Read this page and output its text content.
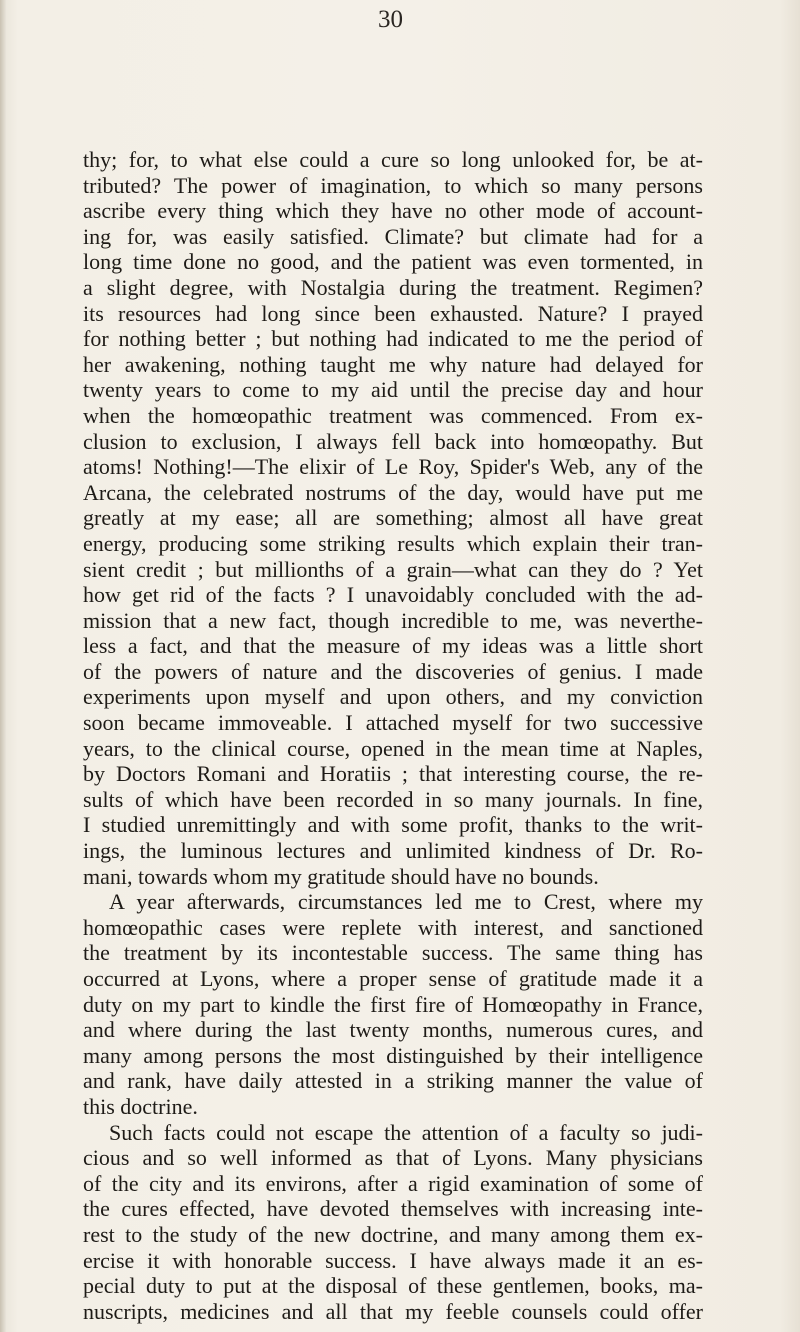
30
thy; for, to what else could a cure so long unlooked for, be at-
tributed? The power of imagination, to which so many persons
ascribe every thing which they have no other mode of account-
ing for, was easily satisfied. Climate? but climate had for a
long time done no good, and the patient was even tormented, in
a slight degree, with Nostalgia during the treatment. Regimen?
its resources had long since been exhausted. Nature? I prayed
for nothing better ; but nothing had indicated to me the period of
her awakening, nothing taught me why nature had delayed for
twenty years to come to my aid until the precise day and hour
when the homœopathic treatment was commenced. From ex-
clusion to exclusion, I always fell back into homœopathy. But
atoms! Nothing!—The elixir of Le Roy, Spider's Web, any of the
Arcana, the celebrated nostrums of the day, would have put me
greatly at my ease; all are something; almost all have great
energy, producing some striking results which explain their tran-
sient credit ; but millionths of a grain—what can they do ? Yet
how get rid of the facts ? I unavoidably concluded with the ad-
mission that a new fact, though incredible to me, was neverthe-
less a fact, and that the measure of my ideas was a little short
of the powers of nature and the discoveries of genius. I made
experiments upon myself and upon others, and my conviction
soon became immoveable. I attached myself for two successive
years, to the clinical course, opened in the mean time at Naples,
by Doctors Romani and Horatiis ; that interesting course, the re-
sults of which have been recorded in so many journals. In fine,
I studied unremittingly and with some profit, thanks to the writ-
ings, the luminous lectures and unlimited kindness of Dr. Ro-
mani, towards whom my gratitude should have no bounds.
A year afterwards, circumstances led me to Crest, where my
homœopathic cases were replete with interest, and sanctioned
the treatment by its incontestable success. The same thing has
occurred at Lyons, where a proper sense of gratitude made it a
duty on my part to kindle the first fire of Homœopathy in France,
and where during the last twenty months, numerous cures, and
many among persons the most distinguished by their intelligence
and rank, have daily attested in a striking manner the value of
this doctrine.
Such facts could not escape the attention of a faculty so judi-
cious and so well informed as that of Lyons. Many physicians
of the city and its environs, after a rigid examination of some of
the cures effected, have devoted themselves with increasing inte-
rest to the study of the new doctrine, and many among them ex-
ercise it with honorable success. I have always made it an es-
pecial duty to put at the disposal of these gentlemen, books, ma-
nuscripts, medicines and all that my feeble counsels could offer
